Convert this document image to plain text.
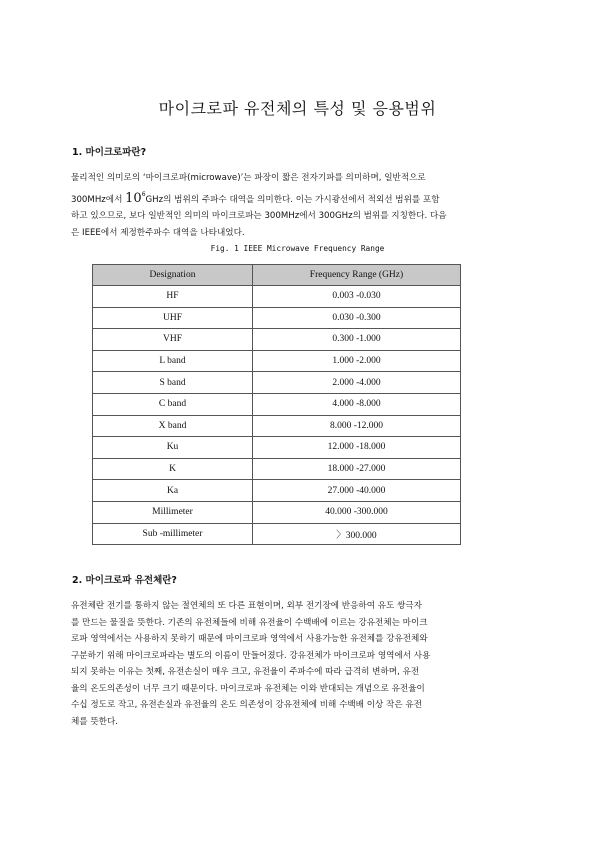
마이크로파 유전체의 특성 및 응용범위
1. 마이크로파란?
물리적인 의미로의 ‘마이크로파(microwave)’는 파장이 짧은 전자기파를 의미하며, 일반적으로
300MHz에서 $10^6GHz$의 범위의 주파수 대역을 의미한다. 이는 가시광선에서 적외선 범위를 포함
하고 있으므로, 보다 일반적인 의미의 마이크로파는 300MHz에서 300GHz의 범위를 지칭한다. 다음
은 IEEE에서 제정한주파수 대역을 나타내었다.
Fig. 1 IEEE Microwave Frequency Range
Designation	Frequency Range (GHz)
HF	0.003 -0.030
UHF	0.030 -0.300
VHF	0.300 -1.000
L band	1.000 -2.000
S band	2.000 -4.000
C band	4.000 -8.000
X band	8.000 -12.000
Ku	12.000 -18.000
K	18.000 -27.000
Ka	27.000 -40.000
Millimeter	40.000 -300.000
Sub -millimeter	〉300.000
2. 마이크로파 유전체란?
유전체란 전기를 통하지 않는 절연체의 또 다른 표현이며, 외부 전기장에 반응하여 유도 쌍극자
를 만드는 물질을 뜻한다. 기존의 유전체들에 비해 유전율이 수백배에 이르는 강유전체는 마이크
로파 영역에서는 사용하지 못하기 때문에 마이크로파 영역에서 사용가능한 유전체를 강유전체와
구분하기 위해 마이크로파라는 별도의 이름이 만들어졌다. 강유전체가 마이크로파 영역에서 사용
되지 못하는 이유는 첫째, 유전손실이 매우 크고, 유전율이 주파수에 따라 급격히 변하며, 유전
율의 온도의존성이 너무 크기 때문이다. 마이크로파 유전체는 이와 반대되는 개념으로 유전율이
수십 정도로 작고, 유전손실과 유전율의 온도 의존성이 강유전체에 비해 수백배 이상 작은 유전
체를 뜻한다.
